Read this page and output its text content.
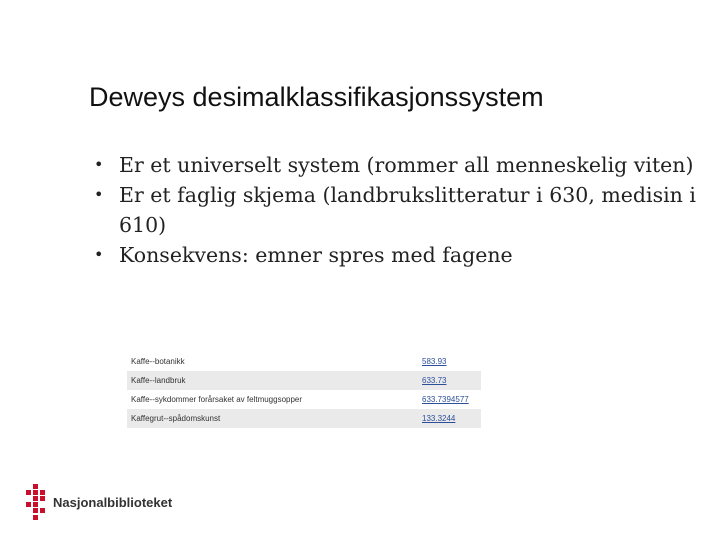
Deweys desimalklassifikasjonssystem
• Er et universelt system (rommer all menneskelig viten)
• Er et faglig skjema (landbrukslitteratur i 630, medisin i 610)
• Konsekvens: emner spres med fagene
Kaffe--botanikk	583.93
Kaffe--landbruk	633.73
Kaffe--sykdommer forårsaket av feltmuggsopper	633.7394577
Kaffegrut--spådomskunst	133.3244
Nasjonalbiblioteket
